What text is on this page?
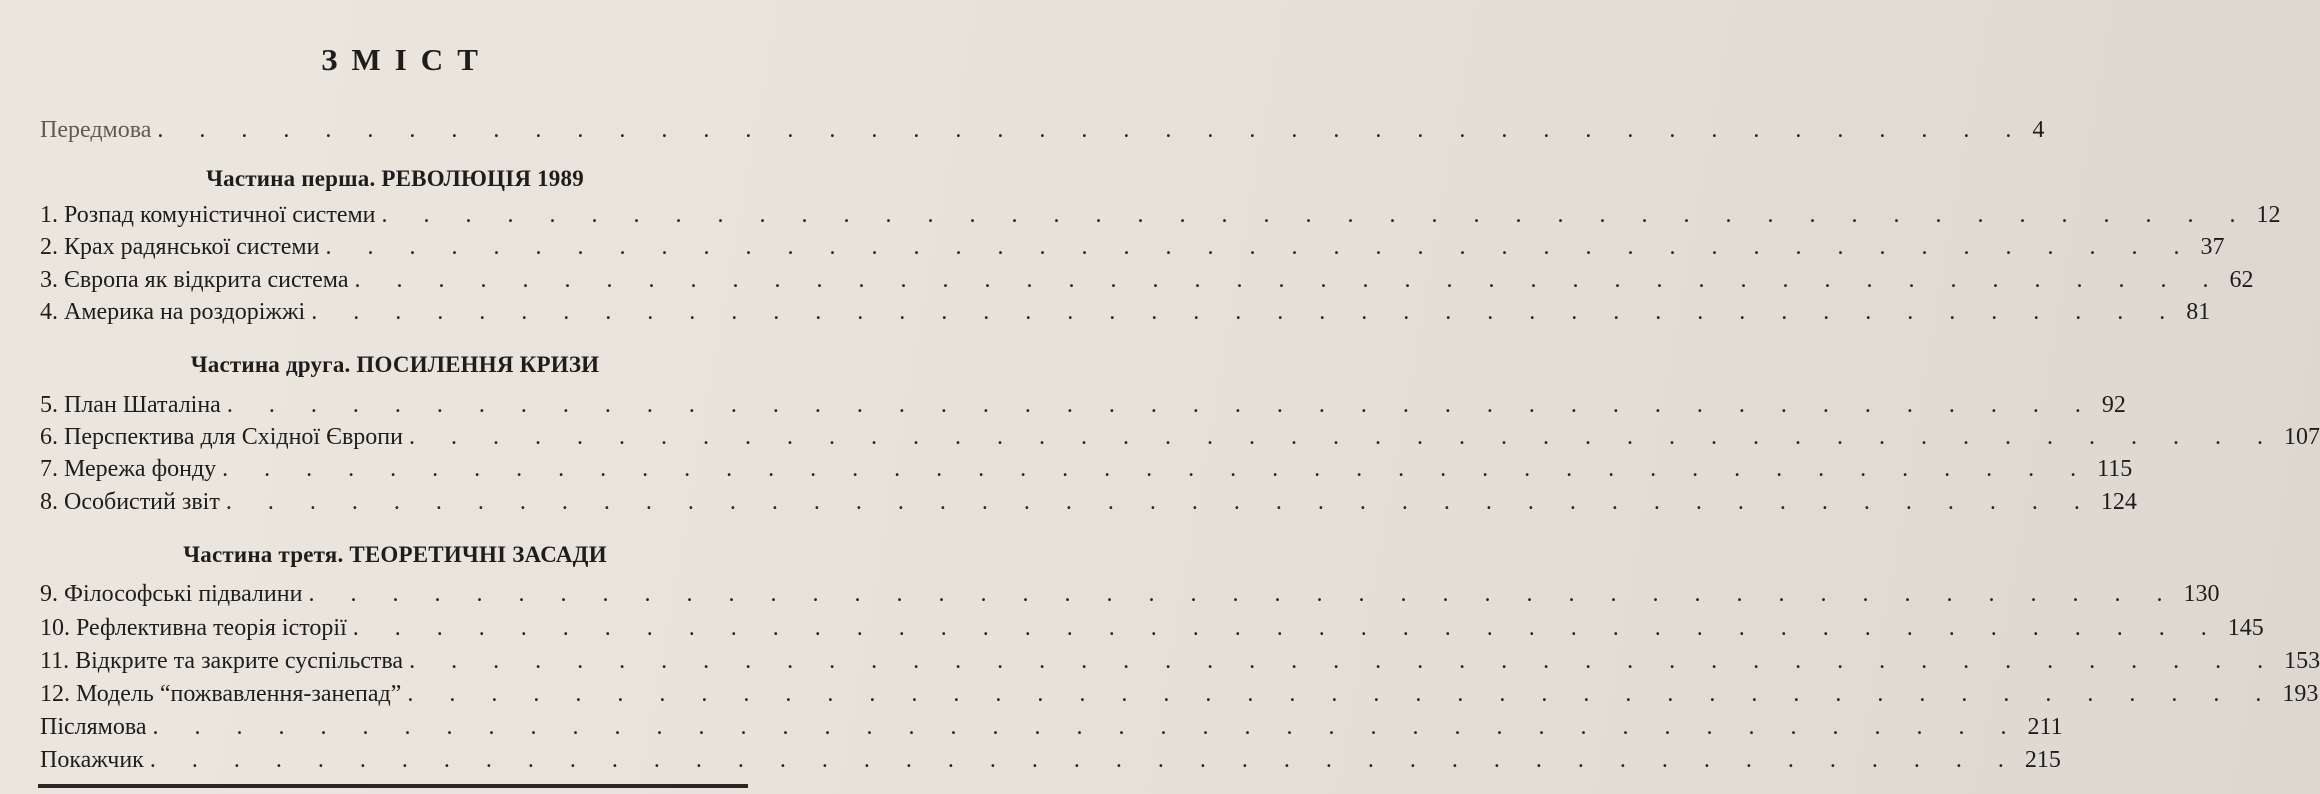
ЗМІСТ
Передмова . . . . . . . . . . . . . . . . . . . . . . . . . . . . . . . . . . . . . . . . . . . . . 4
Частина перша. РЕВОЛЮЦІЯ 1989
1. Розпад комуністичної системи . . . . . . . . . . . . . . . . . . . . . . . . . . . . . . . . . . . . . . . . . . . . . 12
2. Крах радянської системи . . . . . . . . . . . . . . . . . . . . . . . . . . . . . . . . . . . . . . . . . . . . . 37
3. Європа як відкрита система . . . . . . . . . . . . . . . . . . . . . . . . . . . . . . . . . . . . . . . . . . . . . 62
4. Америка на роздоріжжі . . . . . . . . . . . . . . . . . . . . . . . . . . . . . . . . . . . . . . . . . . . . . 81
Частина друга. ПОСИЛЕННЯ КРИЗИ
5. План Шаталіна . . . . . . . . . . . . . . . . . . . . . . . . . . . . . . . . . . . . . . . . . . . . . 92
6. Перспектива для Східної Європи . . . . . . . . . . . . . . . . . . . . . . . . . . . . . . . . . . . . . . . . . . . . . 107
7. Мережа фонду . . . . . . . . . . . . . . . . . . . . . . . . . . . . . . . . . . . . . . . . . . . . . 115
8. Особистий звіт . . . . . . . . . . . . . . . . . . . . . . . . . . . . . . . . . . . . . . . . . . . . . 124
Частина третя. ТЕОРЕТИЧНІ ЗАСАДИ
9. Філософські підвалини . . . . . . . . . . . . . . . . . . . . . . . . . . . . . . . . . . . . . . . . . . . . . 130
10. Рефлективна теорія історії . . . . . . . . . . . . . . . . . . . . . . . . . . . . . . . . . . . . . . . . . . . . . 145
11. Відкрите та закрите суспільства . . . . . . . . . . . . . . . . . . . . . . . . . . . . . . . . . . . . . . . . . . . . . 153
12. Модель “пожвавлення-занепад” . . . . . . . . . . . . . . . . . . . . . . . . . . . . . . . . . . . . . . . . . . . . . 193
Післямова . . . . . . . . . . . . . . . . . . . . . . . . . . . . . . . . . . . . . . . . . . . . . 211
Покажчик . . . . . . . . . . . . . . . . . . . . . . . . . . . . . . . . . . . . . . . . . . . . . 215
